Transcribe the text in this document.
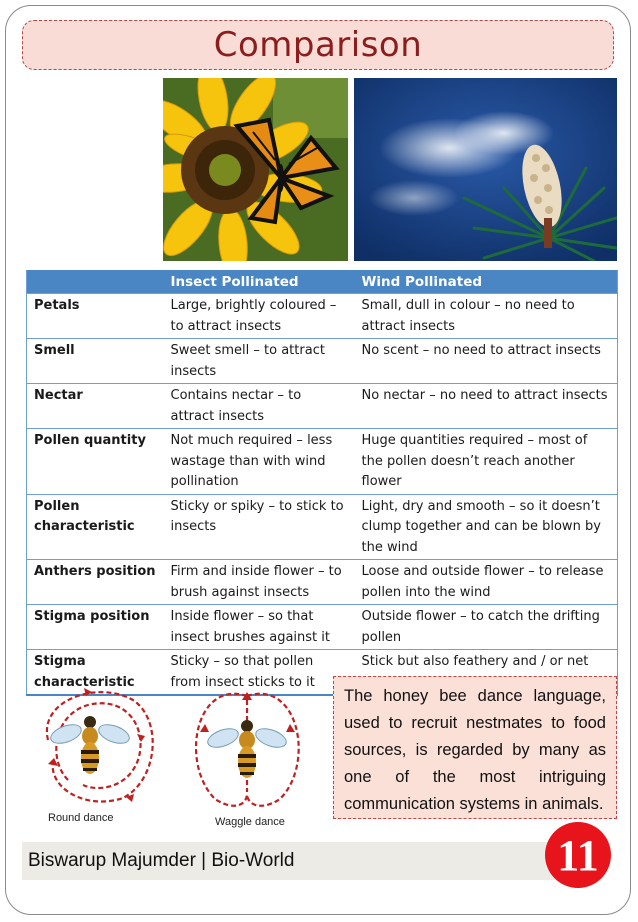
Comparison
	Insect Pollinated	Wind Pollinated
Petals	Large, brightly coloured – to attract insects	Small, dull in colour – no need to attract insects
Smell	Sweet smell – to attract insects	No scent – no need to attract insects
Nectar	Contains nectar – to attract insects	No nectar – no need to attract insects
Pollen quantity	Not much required – less wastage than with wind pollination	Huge quantities required – most of the pollen doesn’t reach another flower
Pollen characteristic	Sticky or spiky – to stick to insects	Light, dry and smooth – so it doesn’t clump together and can be blown by the wind
Anthers position	Firm and inside flower – to brush against insects	Loose and outside flower – to release pollen into the wind
Stigma position	Inside flower – so that insect brushes against it	Outside flower – to catch the drifting pollen
Stigma characteristic	Sticky – so that pollen from insect sticks to it	Stick but also feathery and / or net
Round dance	Waggle dance

The honey bee dance language, used to recruit nestmates to food sources, is regarded by many as one of the most intriguing communication systems in animals.

Biswarup Majumder | Bio-World	11
